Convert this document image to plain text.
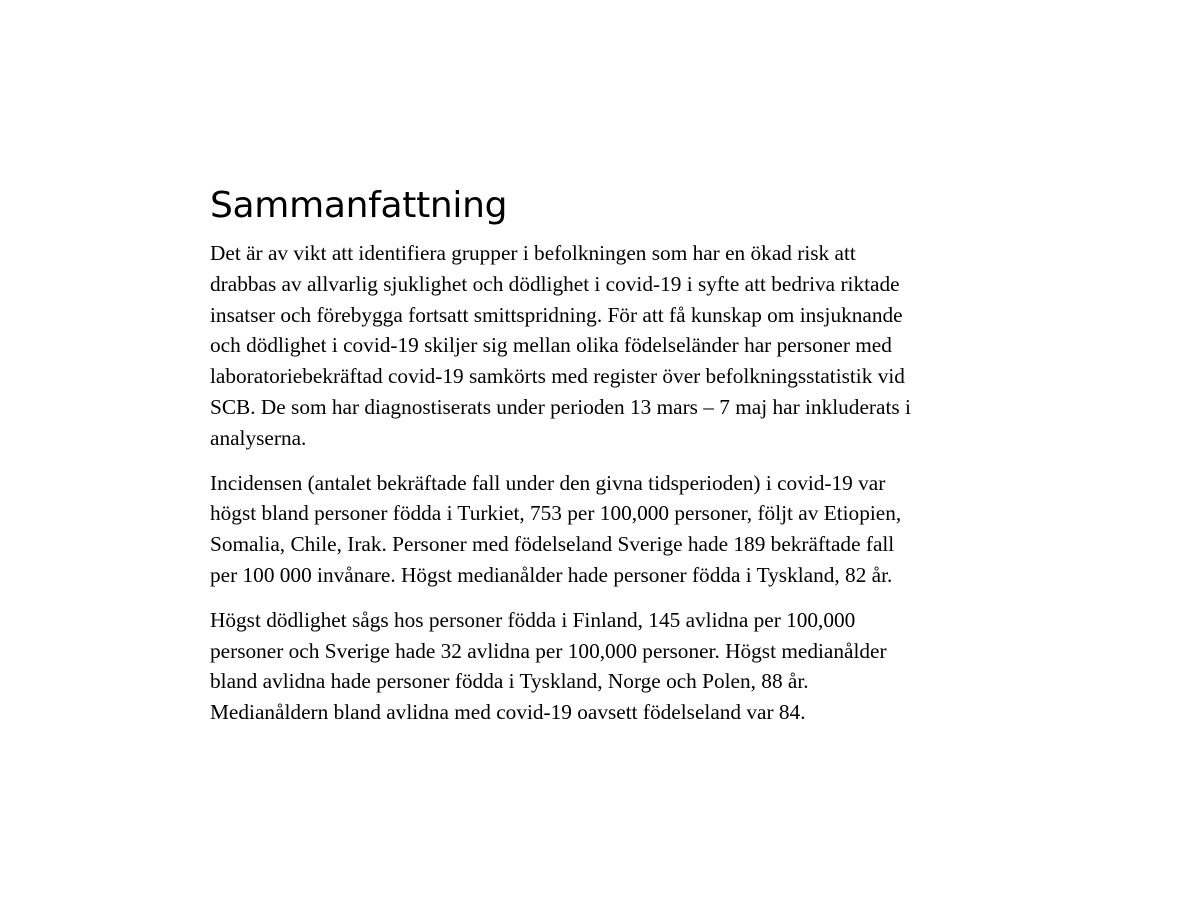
Sammanfattning

Det är av vikt att identifiera grupper i befolkningen som har en ökad risk att
drabbas av allvarlig sjuklighet och dödlighet i covid-19 i syfte att bedriva riktade
insatser och förebygga fortsatt smittspridning. För att få kunskap om insjuknande
och dödlighet i covid-19 skiljer sig mellan olika födelseländer har personer med
laboratoriebekräftad covid-19 samkörts med register över befolkningsstatistik vid
SCB. De som har diagnostiserats under perioden 13 mars – 7 maj har inkluderats i
analyserna.

Incidensen (antalet bekräftade fall under den givna tidsperioden) i covid-19 var
högst bland personer födda i Turkiet, 753 per 100,000 personer, följt av Etiopien,
Somalia, Chile, Irak. Personer med födelseland Sverige hade 189 bekräftade fall
per 100 000 invånare. Högst medianålder hade personer födda i Tyskland, 82 år.

Högst dödlighet sågs hos personer födda i Finland, 145 avlidna per 100,000
personer och Sverige hade 32 avlidna per 100,000 personer. Högst medianålder
bland avlidna hade personer födda i Tyskland, Norge och Polen, 88 år.
Medianåldern bland avlidna med covid-19 oavsett födelseland var 84.
